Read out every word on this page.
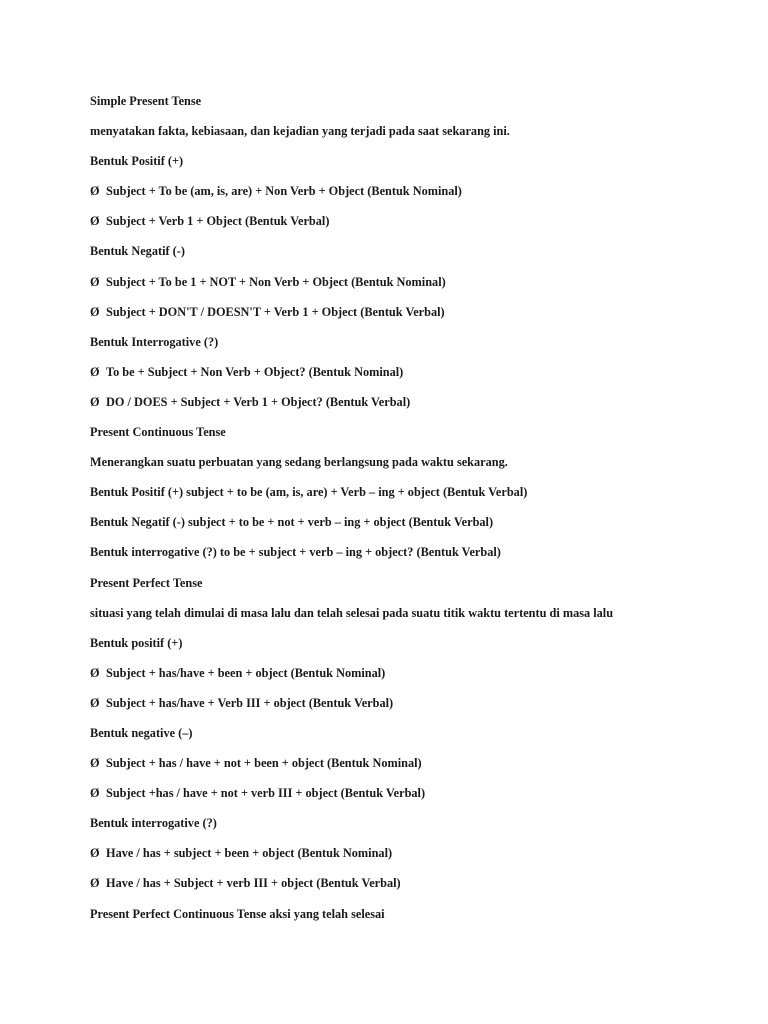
Simple Present Tense
menyatakan fakta, kebiasaan, dan kejadian yang terjadi pada saat sekarang ini.
Bentuk Positif (+)
Ø Subject + To be (am, is, are) + Non Verb + Object (Bentuk Nominal)
Ø Subject + Verb 1 + Object (Bentuk Verbal)
Bentuk Negatif (-)
Ø Subject + To be 1 + NOT + Non Verb + Object (Bentuk Nominal)
Ø Subject + DON'T / DOESN'T + Verb 1 + Object (Bentuk Verbal)
Bentuk Interrogative (?)
Ø To be + Subject + Non Verb + Object? (Bentuk Nominal)
Ø DO / DOES + Subject + Verb 1 + Object? (Bentuk Verbal)
Present Continuous Tense
Menerangkan suatu perbuatan yang sedang berlangsung pada waktu sekarang.
Bentuk Positif (+) subject + to be (am, is, are) + Verb – ing + object (Bentuk Verbal)
Bentuk Negatif (-) subject + to be + not + verb – ing + object (Bentuk Verbal)
Bentuk interrogative (?) to be + subject + verb – ing + object? (Bentuk Verbal)
Present Perfect Tense
situasi yang telah dimulai di masa lalu dan telah selesai pada suatu titik waktu tertentu di masa lalu
Bentuk positif (+)
Ø Subject + has/have + been + object (Bentuk Nominal)
Ø Subject + has/have + Verb III + object (Bentuk Verbal)
Bentuk negative (–)
Ø Subject + has / have + not + been + object (Bentuk Nominal)
Ø Subject +has / have + not + verb III + object (Bentuk Verbal)
Bentuk interrogative (?)
Ø Have / has + subject + been + object (Bentuk Nominal)
Ø Have / has + Subject + verb III + object (Bentuk Verbal)
Present Perfect Continuous Tense aksi yang telah selesai
